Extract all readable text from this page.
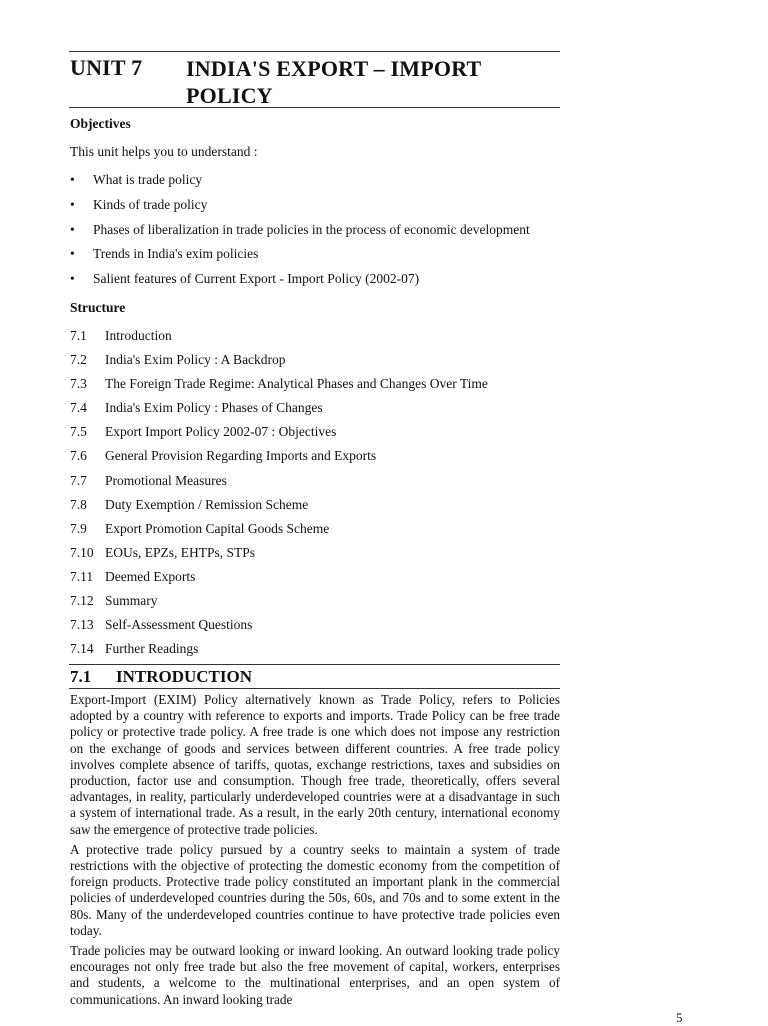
UNIT 7 INDIA'S EXPORT – IMPORT POLICY
Objectives
This unit helps you to understand :
• What is trade policy
• Kinds of trade policy
• Phases of liberalization in trade policies in the process of economic development
• Trends in India's exim policies
• Salient features of Current Export - Import Policy (2002-07)
Structure
7.1 Introduction
7.2 India's Exim Policy : A Backdrop
7.3 The Foreign Trade Regime: Analytical Phases and Changes Over Time
7.4 India's Exim Policy : Phases of Changes
7.5 Export Import Policy 2002-07 : Objectives
7.6 General Provision Regarding Imports and Exports
7.7 Promotional Measures
7.8 Duty Exemption / Remission Scheme
7.9 Export Promotion Capital Goods Scheme
7.10 EOUs, EPZs, EHTPs, STPs
7.11 Deemed Exports
7.12 Summary
7.13 Self-Assessment Questions
7.14 Further Readings
7.1 INTRODUCTION

Export-Import (EXIM) Policy alternatively known as Trade Policy, refers to Policies adopted by a country with reference to exports and imports. Trade Policy can be free trade policy or protective trade policy. A free trade is one which does not impose any restriction on the exchange of goods and services between different countries. A free trade policy involves complete absence of tariffs, quotas, exchange restrictions, taxes and subsidies on production, factor use and consumption. Though free trade, theoretically, offers several advantages, in reality, particularly underdeveloped countries were at a disadvantage in such a system of international trade. As a result, in the early 20th century, international economy saw the emergence of protective trade policies.

A protective trade policy pursued by a country seeks to maintain a system of trade restrictions with the objective of protecting the domestic economy from the competition of foreign products. Protective trade policy constituted an important plank in the commercial policies of underdeveloped countries during the 50s, 60s, and 70s and to some extent in the 80s. Many of the underdeveloped countries continue to have protective trade policies even today.

Trade policies may be outward looking or inward looking. An outward looking trade policy encourages not only free trade but also the free movement of capital, workers, enterprises and students, a welcome to the multinational enterprises, and an open system of communications. An inward looking trade

5
